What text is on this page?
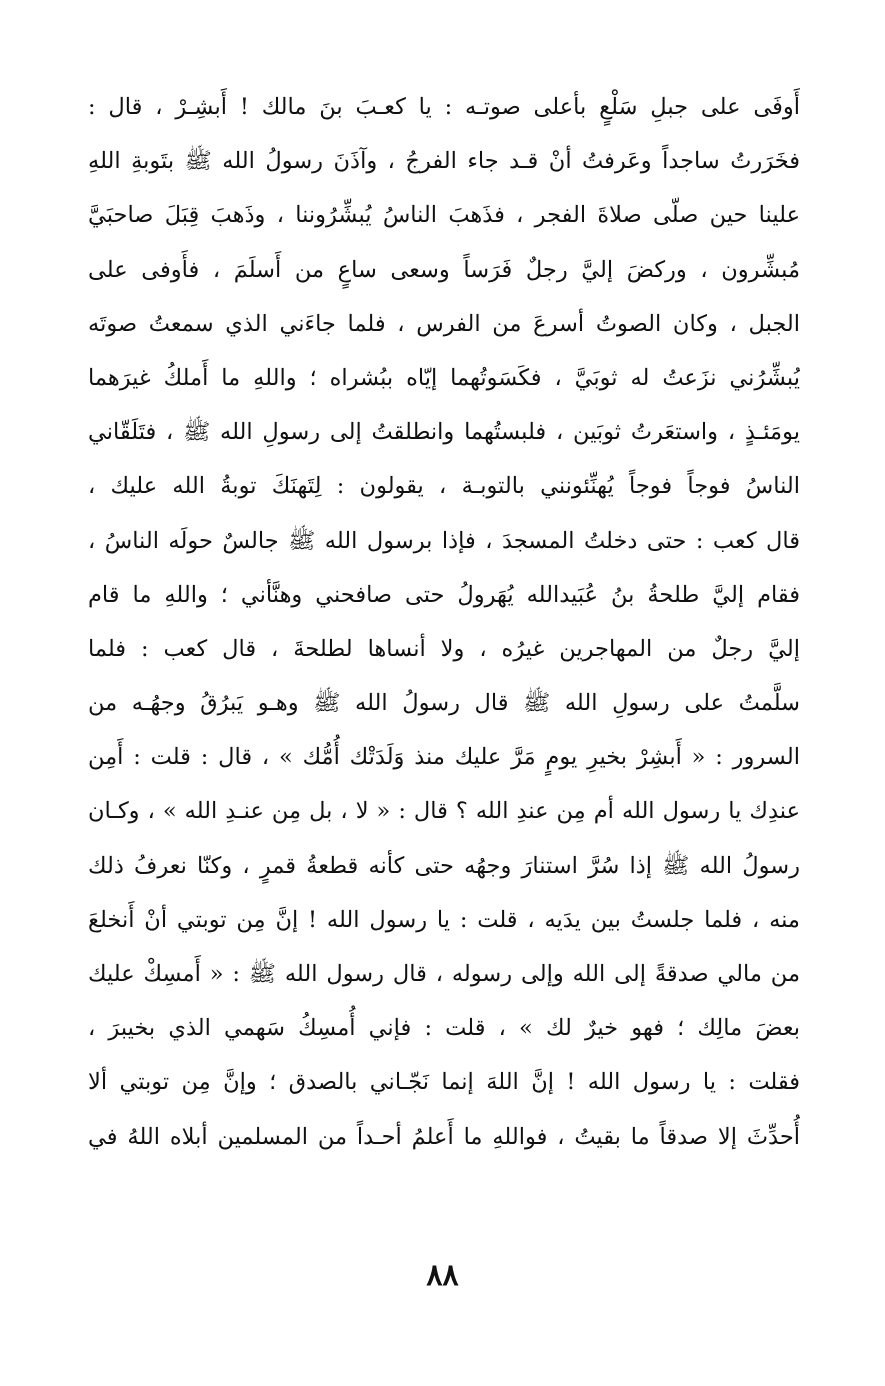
أَوفَى على جبلِ سَلْعٍ بأعلى صوتـه : يا كعـبَ بنَ مالك ! أَبشِـرْ ، قال :
فخَرَرتُ ساجداً وعَرفتُ أنْ قـد جاء الفرجُ ، وآذَنَ رسولُ الله ﷺ بتَوبةِ اللهِ
علينا حين صلّى صلاةَ الفجر ، فذَهبَ الناسُ يُبشِّرُوننا ، وذَهبَ قِبَلَ صاحبَيَّ
مُبشِّرون ، وركضَ إليَّ رجلٌ فَرَساً وسعى ساعٍ من أَسلَمَ ، فأَوفى على
الجبل ، وكان الصوتُ أسرعَ من الفرس ، فلما جاءَني الذي سمعتُ صوتَه
يُبشِّرُني نزَعتُ له ثوبَيَّ ، فكَسَوتُهما إيّاه ببُشراه ؛ واللهِ ما أَملكُ غيرَهما
يومَئـذٍ ، واستعَرتُ ثوبَين ، فلبستُهما وانطلقتُ إلى رسولِ الله ﷺ ، فتَلَقّاني
الناسُ فوجاً فوجاً يُهنِّئونني بالتوبـة ، يقولون : لِتَهنَكَ توبةُ الله عليك ،
قال كعب : حتى دخلتُ المسجدَ ، فإذا برسول الله ﷺ جالسٌ حولَه الناسُ ،
فقام إليَّ طلحةُ بنُ عُبَيدالله يُهَرولُ حتى صافحني وهنَّأني ؛ واللهِ ما قام
إليَّ رجلٌ من المهاجرين غيرُه ، ولا أنساها لطلحةَ ، قال كعب : فلما
سلَّمتُ على رسولِ الله ﷺ قال رسولُ الله ﷺ وهـو يَبرُقُ وجهُـه من
السرور : « أَبشِرْ بخيرِ يومٍ مَرَّ عليك منذ وَلَدَتْك أُمُّك » ، قال : قلت : أَمِن
عندِك يا رسول الله أم مِن عندِ الله ؟ قال : « لا ، بل مِن عنـدِ الله » ، وكـان
رسولُ الله ﷺ إذا سُرَّ استنارَ وجهُه حتى كأنه قطعةُ قمرٍ ، وكنّا نعرفُ ذلك
منه ، فلما جلستُ بين يدَيه ، قلت : يا رسول الله ! إنَّ مِن توبتي أنْ أَنخلعَ
من مالي صدقةً إلى الله وإلى رسوله ، قال رسول الله ﷺ : « أَمسِكْ عليك
بعضَ مالِك ؛ فهو خيرٌ لك » ، قلت : فإني أُمسِكُ سَهمي الذي بخيبرَ ،
فقلت : يا رسول الله ! إنَّ اللهَ إنما نَجّـاني بالصدق ؛ وإنَّ مِن توبتي ألا
أُحدِّثَ إلا صدقاً ما بقيتُ ، فواللهِ ما أَعلمُ أحـداً من المسلمين أبلاه اللهُ في
٨٨
